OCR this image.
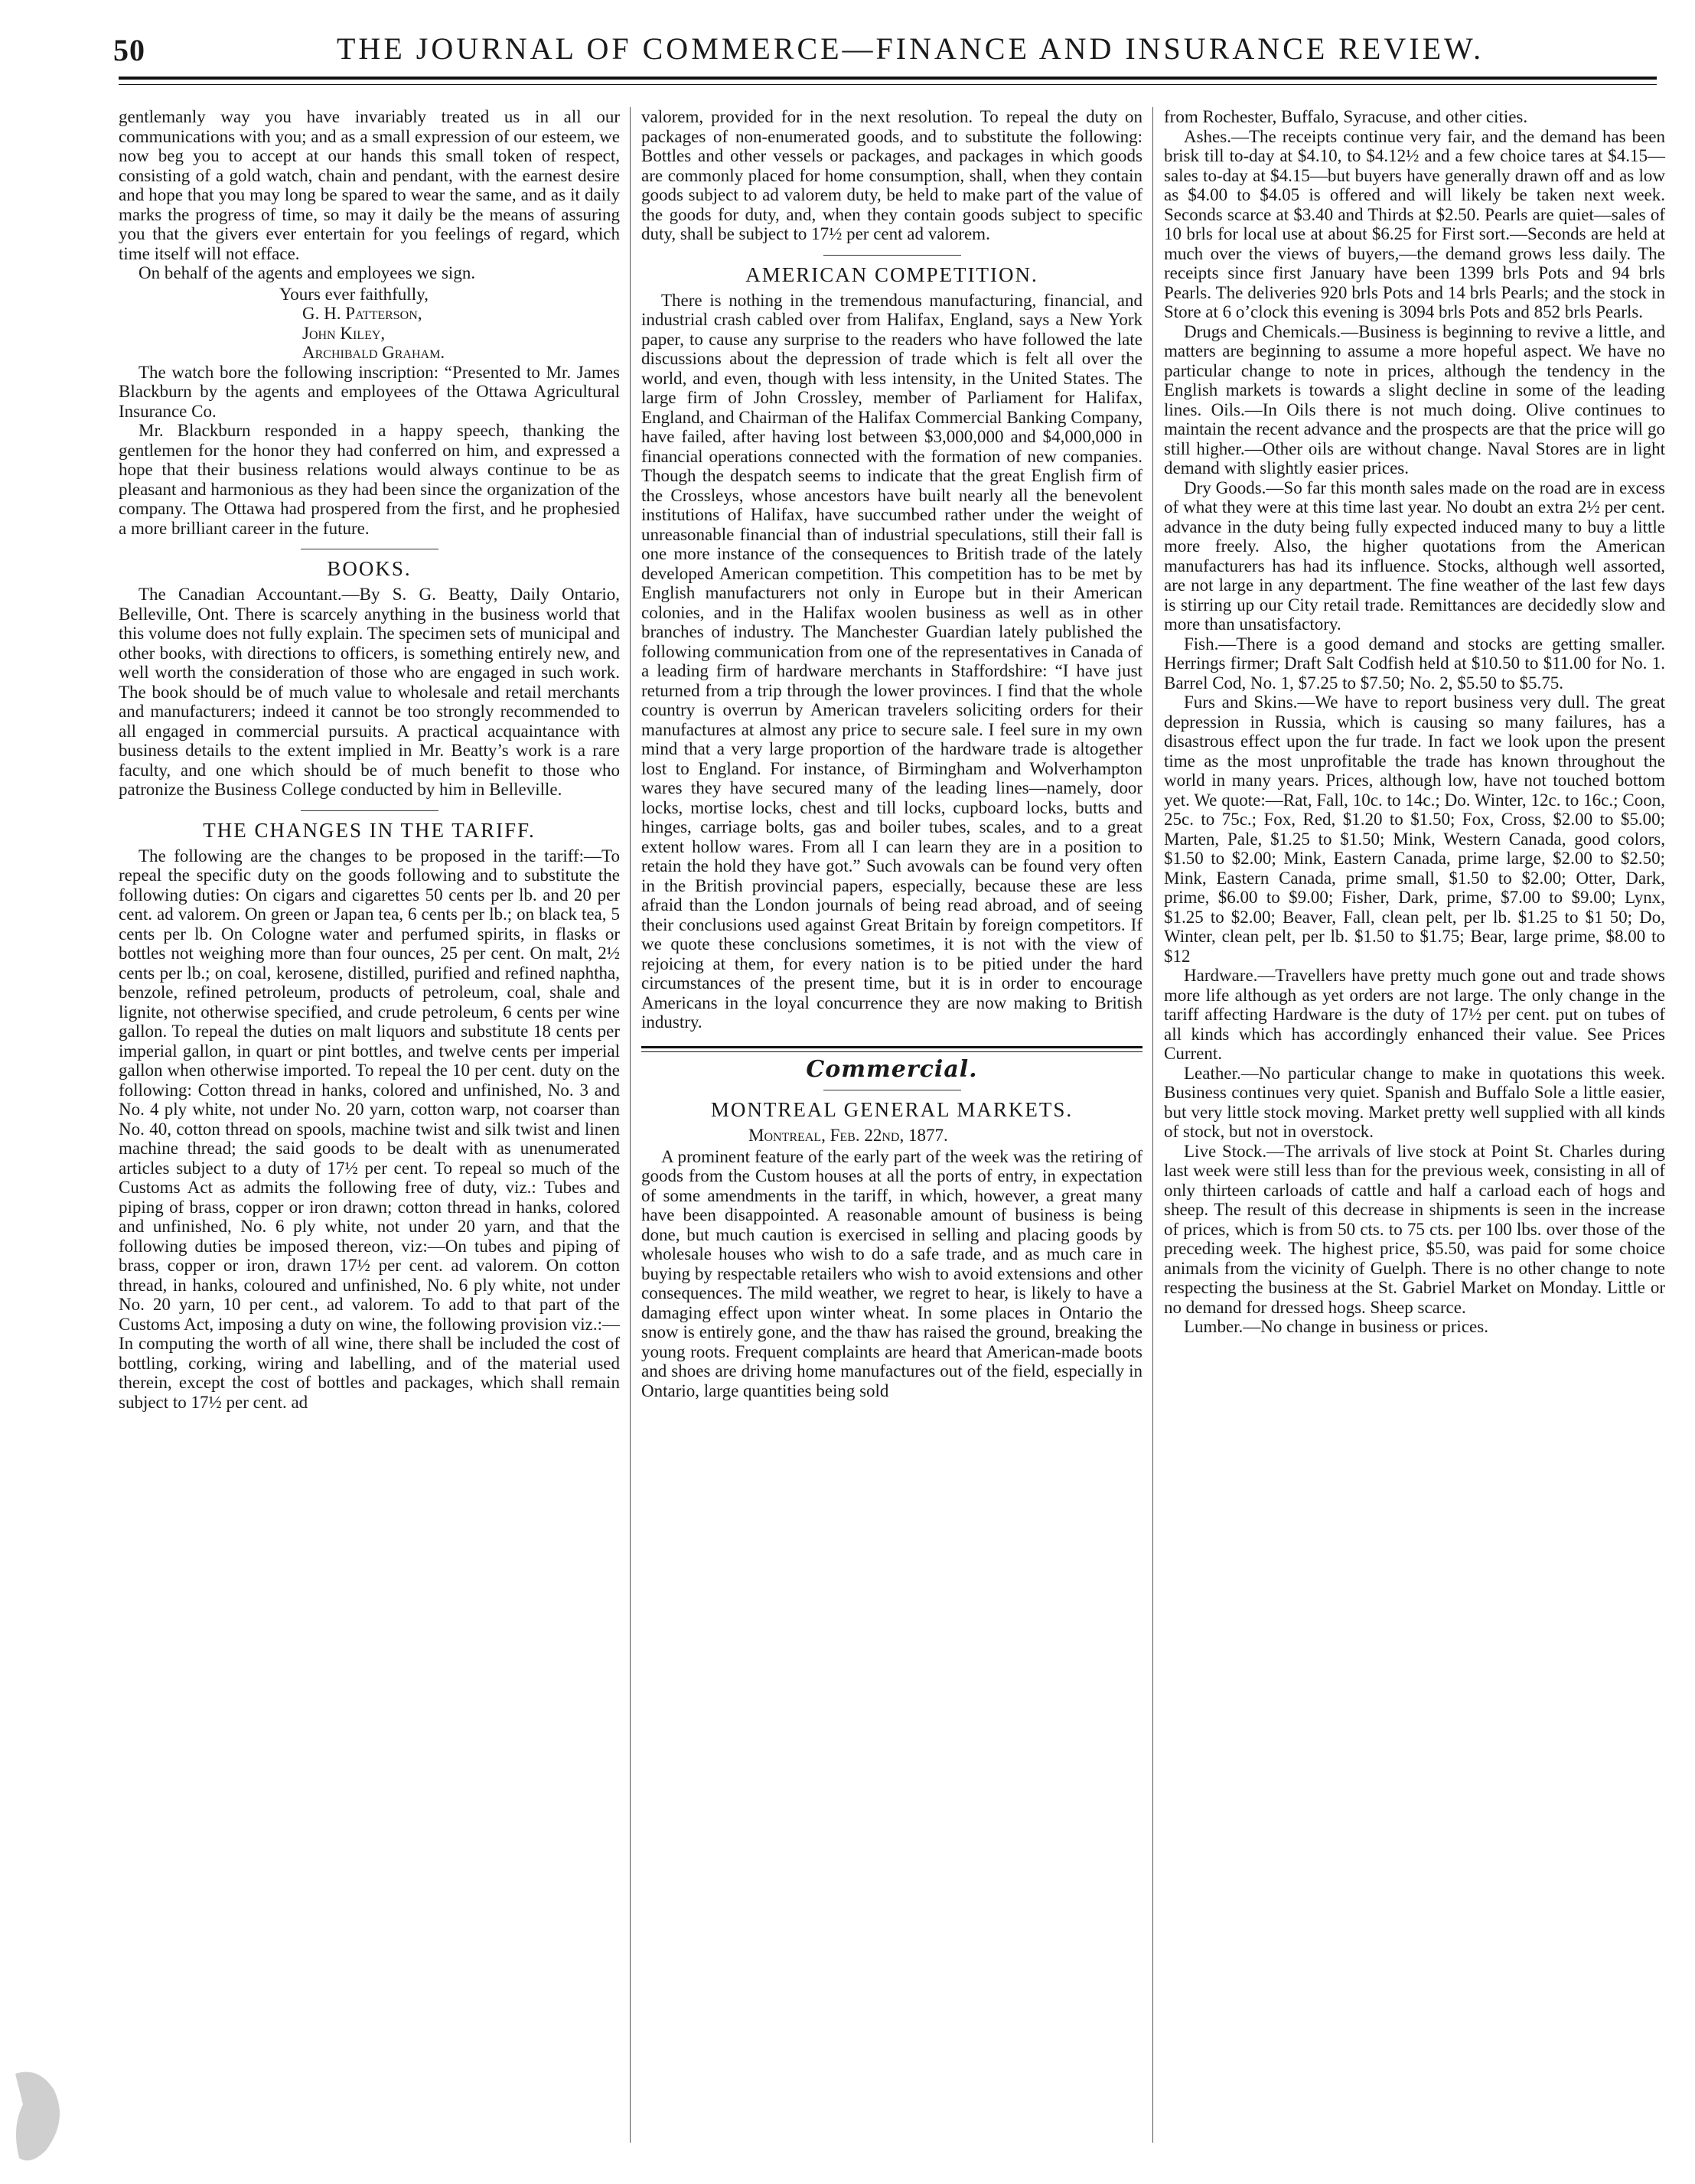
50	THE JOURNAL OF COMMERCE—FINANCE AND INSURANCE REVIEW.

gentlemanly way you have invariably treated us in all our communications with you; and as a small expression of our esteem, we now beg you to accept at our hands this small token of respect, consisting of a gold watch, chain and pendant, with the earnest desire and hope that you may long be spared to wear the same, and as it daily marks the progress of time, so may it daily be the means of assuring you that the givers ever entertain for you feelings of regard, which time itself will not efface.

On behalf of the agents and employees we sign.

Yours ever faithfully,
G. H. Patterson,
John Kiley,
Archibald Graham.

The watch bore the following inscription: “Presented to Mr. James Blackburn by the agents and employees of the Ottawa Agricultural Insurance Co.

Mr. Blackburn responded in a happy speech, thanking the gentlemen for the honor they had conferred on him, and expressed a hope that their business relations would always continue to be as pleasant and harmonious as they had been since the organization of the company. The Ottawa had prospered from the first, and he prophesied a more brilliant career in the future.

BOOKS.

The Canadian Accountant.—By S. G. Beatty, Daily Ontario, Belleville, Ont. There is scarcely anything in the business world that this volume does not fully explain. The specimen sets of municipal and other books, with directions to officers, is something entirely new, and well worth the consideration of those who are engaged in such work. The book should be of much value to wholesale and retail merchants and manufacturers; indeed it cannot be too strongly recommended to all engaged in commercial pursuits. A practical acquaintance with business details to the extent implied in Mr. Beatty’s work is a rare faculty, and one which should be of much benefit to those who patronize the Business College conducted by him in Belleville.

THE CHANGES IN THE TARIFF.

The following are the changes to be proposed in the tariff:—To repeal the specific duty on the goods following and to substitute the following duties: On cigars and cigarettes 50 cents per lb. and 20 per cent. ad valorem. On green or Japan tea, 6 cents per lb.; on black tea, 5 cents per lb. On Cologne water and perfumed spirits, in flasks or bottles not weighing more than four ounces, 25 per cent. On malt, 2½ cents per lb.; on coal, kerosene, distilled, purified and refined naphtha, benzole, refined petroleum, products of petroleum, coal, shale and lignite, not otherwise specified, and crude petroleum, 6 cents per wine gallon. To repeal the duties on malt liquors and substitute 18 cents per imperial gallon, in quart or pint bottles, and twelve cents per imperial gallon when otherwise imported. To repeal the 10 per cent. duty on the following: Cotton thread in hanks, colored and unfinished, No. 3 and No. 4 ply white, not under No. 20 yarn, cotton warp, not coarser than No. 40, cotton thread on spools, machine twist and silk twist and linen machine thread; the said goods to be dealt with as unenumerated articles subject to a duty of 17½ per cent. To repeal so much of the Customs Act as admits the following free of duty, viz.: Tubes and piping of brass, copper or iron drawn; cotton thread in hanks, colored and unfinished, No. 6 ply white, not under 20 yarn, and that the following duties be imposed thereon, viz:—On tubes and piping of brass, copper or iron, drawn 17½ per cent. ad valorem. On cotton thread, in hanks, coloured and unfinished, No. 6 ply white, not under No. 20 yarn, 10 per cent., ad valorem. To add to that part of the Customs Act, imposing a duty on wine, the following provision viz.:—In computing the worth of all wine, there shall be included the cost of bottling, corking, wiring and labelling, and of the material used therein, except the cost of bottles and packages, which shall remain subject to 17½ per cent. ad

valorem, provided for in the next resolution. To repeal the duty on packages of non-enumerated goods, and to substitute the following: Bottles and other vessels or packages, and packages in which goods are commonly placed for home consumption, shall, when they contain goods subject to ad valorem duty, be held to make part of the value of the goods for duty, and, when they contain goods subject to specific duty, shall be subject to 17½ per cent ad valorem.

AMERICAN COMPETITION.

There is nothing in the tremendous manufacturing, financial, and industrial crash cabled over from Halifax, England, says a New York paper, to cause any surprise to the readers who have followed the late discussions about the depression of trade which is felt all over the world, and even, though with less intensity, in the United States. The large firm of John Crossley, member of Parliament for Halifax, England, and Chairman of the Halifax Commercial Banking Company, have failed, after having lost between $3,000,000 and $4,000,000 in financial operations connected with the formation of new companies. Though the despatch seems to indicate that the great English firm of the Crossleys, whose ancestors have built nearly all the benevolent institutions of Halifax, have succumbed rather under the weight of unreasonable financial than of industrial speculations, still their fall is one more instance of the consequences to British trade of the lately developed American competition. This competition has to be met by English manufacturers not only in Europe but in their American colonies, and in the Halifax woolen business as well as in other branches of industry. The Manchester Guardian lately published the following communication from one of the representatives in Canada of a leading firm of hardware merchants in Staffordshire: “I have just returned from a trip through the lower provinces. I find that the whole country is overrun by American travelers soliciting orders for their manufactures at almost any price to secure sale. I feel sure in my own mind that a very large proportion of the hardware trade is altogether lost to England. For instance, of Birmingham and Wolverhampton wares they have secured many of the leading lines—namely, door locks, mortise locks, chest and till locks, cupboard locks, butts and hinges, carriage bolts, gas and boiler tubes, scales, and to a great extent hollow wares. From all I can learn they are in a position to retain the hold they have got.” Such avowals can be found very often in the British provincial papers, especially, because these are less afraid than the London journals of being read abroad, and of seeing their conclusions used against Great Britain by foreign competitors. If we quote these conclusions sometimes, it is not with the view of rejoicing at them, for every nation is to be pitied under the hard circumstances of the present time, but it is in order to encourage Americans in the loyal concurrence they are now making to British industry.

Commercial.
MONTREAL GENERAL MARKETS.

Montreal, Feb. 22nd, 1877.

A prominent feature of the early part of the week was the retiring of goods from the Custom houses at all the ports of entry, in expectation of some amendments in the tariff, in which, however, a great many have been disappointed. A reasonable amount of business is being done, but much caution is exercised in selling and placing goods by wholesale houses who wish to do a safe trade, and as much care in buying by respectable retailers who wish to avoid extensions and other consequences. The mild weather, we regret to hear, is likely to have a damaging effect upon winter wheat. In some places in Ontario the snow is entirely gone, and the thaw has raised the ground, breaking the young roots. Frequent complaints are heard that American-made boots and shoes are driving home manufactures out of the field, especially in Ontario, large quantities being sold

from Rochester, Buffalo, Syracuse, and other cities.

Ashes.—The receipts continue very fair, and the demand has been brisk till to-day at $4.10, to $4.12½ and a few choice tares at $4.15—sales to-day at $4.15—but buyers have generally drawn off and as low as $4.00 to $4.05 is offered and will likely be taken next week. Seconds scarce at $3.40 and Thirds at $2.50. Pearls are quiet—sales of 10 brls for local use at about $6.25 for First sort.—Seconds are held at much over the views of buyers,—the demand grows less daily. The receipts since first January have been 1399 brls Pots and 94 brls Pearls. The deliveries 920 brls Pots and 14 brls Pearls; and the stock in Store at 6 o’clock this evening is 3094 brls Pots and 852 brls Pearls.

Drugs and Chemicals.—Business is beginning to revive a little, and matters are beginning to assume a more hopeful aspect. We have no particular change to note in prices, although the tendency in the English markets is towards a slight decline in some of the leading lines. Oils.—In Oils there is not much doing. Olive continues to maintain the recent advance and the prospects are that the price will go still higher.—Other oils are without change. Naval Stores are in light demand with slightly easier prices.

Dry Goods.—So far this month sales made on the road are in excess of what they were at this time last year. No doubt an extra 2½ per cent. advance in the duty being fully expected induced many to buy a little more freely. Also, the higher quotations from the American manufacturers has had its influence. Stocks, although well assorted, are not large in any department. The fine weather of the last few days is stirring up our City retail trade. Remittances are decidedly slow and more than unsatisfactory.

Fish.—There is a good demand and stocks are getting smaller. Herrings firmer; Draft Salt Codfish held at $10.50 to $11.00 for No. 1. Barrel Cod, No. 1, $7.25 to $7.50; No. 2, $5.50 to $5.75.

Furs and Skins.—We have to report business very dull. The great depression in Russia, which is causing so many failures, has a disastrous effect upon the fur trade. In fact we look upon the present time as the most unprofitable the trade has known throughout the world in many years. Prices, although low, have not touched bottom yet. We quote:—Rat, Fall, 10c. to 14c.; Do. Winter, 12c. to 16c.; Coon, 25c. to 75c.; Fox, Red, $1.20 to $1.50; Fox, Cross, $2.00 to $5.00; Marten, Pale, $1.25 to $1.50; Mink, Western Canada, good colors, $1.50 to $2.00; Mink, Eastern Canada, prime large, $2.00 to $2.50; Mink, Eastern Canada, prime small, $1.50 to $2.00; Otter, Dark, prime, $6.00 to $9.00; Fisher, Dark, prime, $7.00 to $9.00; Lynx, $1.25 to $2.00; Beaver, Fall, clean pelt, per lb. $1.25 to $1 50; Do, Winter, clean pelt, per lb. $1.50 to $1.75; Bear, large prime, $8.00 to $12

Hardware.—Travellers have pretty much gone out and trade shows more life although as yet orders are not large. The only change in the tariff affecting Hardware is the duty of 17½ per cent. put on tubes of all kinds which has accordingly enhanced their value. See Prices Current.

Leather.—No particular change to make in quotations this week. Business continues very quiet. Spanish and Buffalo Sole a little easier, but very little stock moving. Market pretty well supplied with all kinds of stock, but not in overstock.

Live Stock.—The arrivals of live stock at Point St. Charles during last week were still less than for the previous week, consisting in all of only thirteen carloads of cattle and half a carload each of hogs and sheep. The result of this decrease in shipments is seen in the increase of prices, which is from 50 cts. to 75 cts. per 100 lbs. over those of the preceding week. The highest price, $5.50, was paid for some choice animals from the vicinity of Guelph. There is no other change to note respecting the business at the St. Gabriel Market on Monday. Little or no demand for dressed hogs. Sheep scarce.

Lumber.—No change in business or prices.
